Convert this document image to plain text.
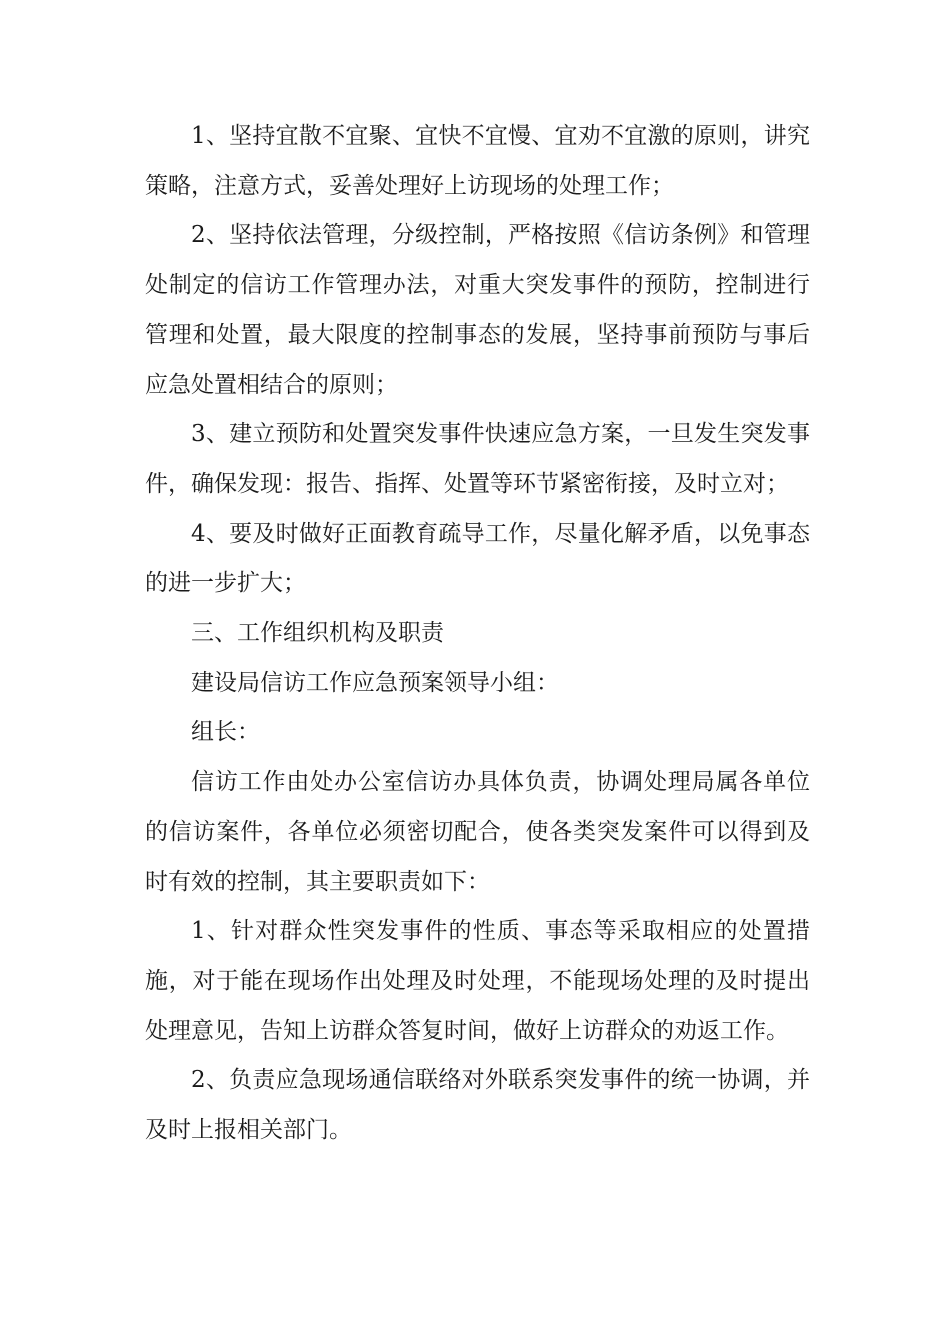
1、坚持宜散不宜聚、宜快不宜慢、宜劝不宜激的原则，讲究策略，注意方式，妥善处理好上访现场的处理工作；

2、坚持依法管理，分级控制，严格按照《信访条例》和管理处制定的信访工作管理办法，对重大突发事件的预防，控制进行管理和处置，最大限度的控制事态的发展，坚持事前预防与事后应急处置相结合的原则；

3、建立预防和处置突发事件快速应急方案，一旦发生突发事件，确保发现：报告、指挥、处置等环节紧密衔接，及时立对；

4、要及时做好正面教育疏导工作，尽量化解矛盾，以免事态的进一步扩大；

三、工作组织机构及职责

建设局信访工作应急预案领导小组：

组长：

信访工作由处办公室信访办具体负责，协调处理局属各单位的信访案件，各单位必须密切配合，使各类突发案件可以得到及时有效的控制，其主要职责如下：

1、针对群众性突发事件的性质、事态等采取相应的处置措施，对于能在现场作出处理及时处理，不能现场处理的及时提出处理意见，告知上访群众答复时间，做好上访群众的劝返工作。

2、负责应急现场通信联络对外联系突发事件的统一协调，并及时上报相关部门。
